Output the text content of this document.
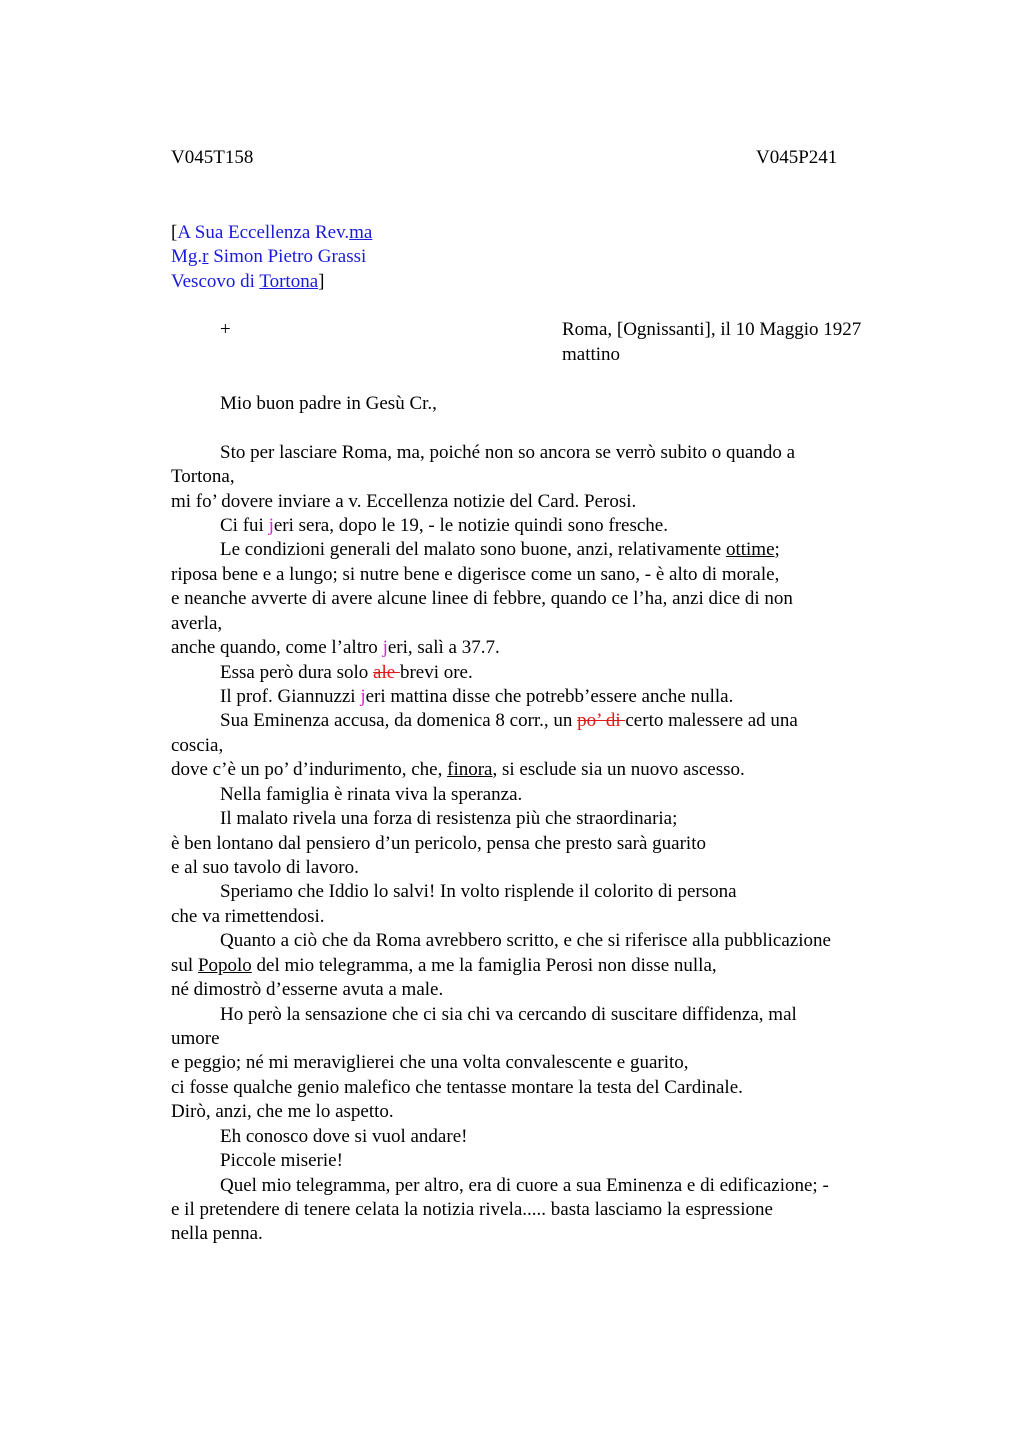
V045T158	V045P241
[A Sua Eccellenza Rev.ma
Mg.r Simon Pietro Grassi
Vescovo di Tortona]
+	Roma, [Ognissanti], il 10 Maggio 1927
mattino
Mio buon padre in Gesù Cr.,
Sto per lasciare Roma, ma, poiché non so ancora se verrò subito o quando a
Tortona,
mi fo’ dovere inviare a v. Eccellenza notizie del Card. Perosi.
Ci fui jeri sera, dopo le 19, - le notizie quindi sono fresche.
Le condizioni generali del malato sono buone, anzi, relativamente ottime;
riposa bene e a lungo; si nutre bene e digerisce come un sano, - è alto di morale,
e neanche avverte di avere alcune linee di febbre, quando ce l’ha, anzi dice di non
averla,
anche quando, come l’altro jeri, salì a 37.7.
Essa però dura solo ale brevi ore.
Il prof. Giannuzzi jeri mattina disse che potrebb’essere anche nulla.
Sua Eminenza accusa, da domenica 8 corr., un po’ di certo malessere ad una
coscia,
dove c’è un po’ d’indurimento, che, finora, si esclude sia un nuovo ascesso.
Nella famiglia è rinata viva la speranza.
Il malato rivela una forza di resistenza più che straordinaria;
è ben lontano dal pensiero d’un pericolo, pensa che presto sarà guarito
e al suo tavolo di lavoro.
Speriamo che Iddio lo salvi! In volto risplende il colorito di persona
che va rimettendosi.
Quanto a ciò che da Roma avrebbero scritto, e che si riferisce alla pubblicazione
sul Popolo del mio telegramma, a me la famiglia Perosi non disse nulla,
né dimostrò d’esserne avuta a male.
Ho però la sensazione che ci sia chi va cercando di suscitare diffidenza, mal
umore
e peggio; né mi meraviglierei che una volta convalescente e guarito,
ci fosse qualche genio malefico che tentasse montare la testa del Cardinale.
Dirò, anzi, che me lo aspetto.
Eh conosco dove si vuol andare!
Piccole miserie!
Quel mio telegramma, per altro, era di cuore a sua Eminenza e di edificazione; -
e il pretendere di tenere celata la notizia rivela..... basta lasciamo la espressione
nella penna.
